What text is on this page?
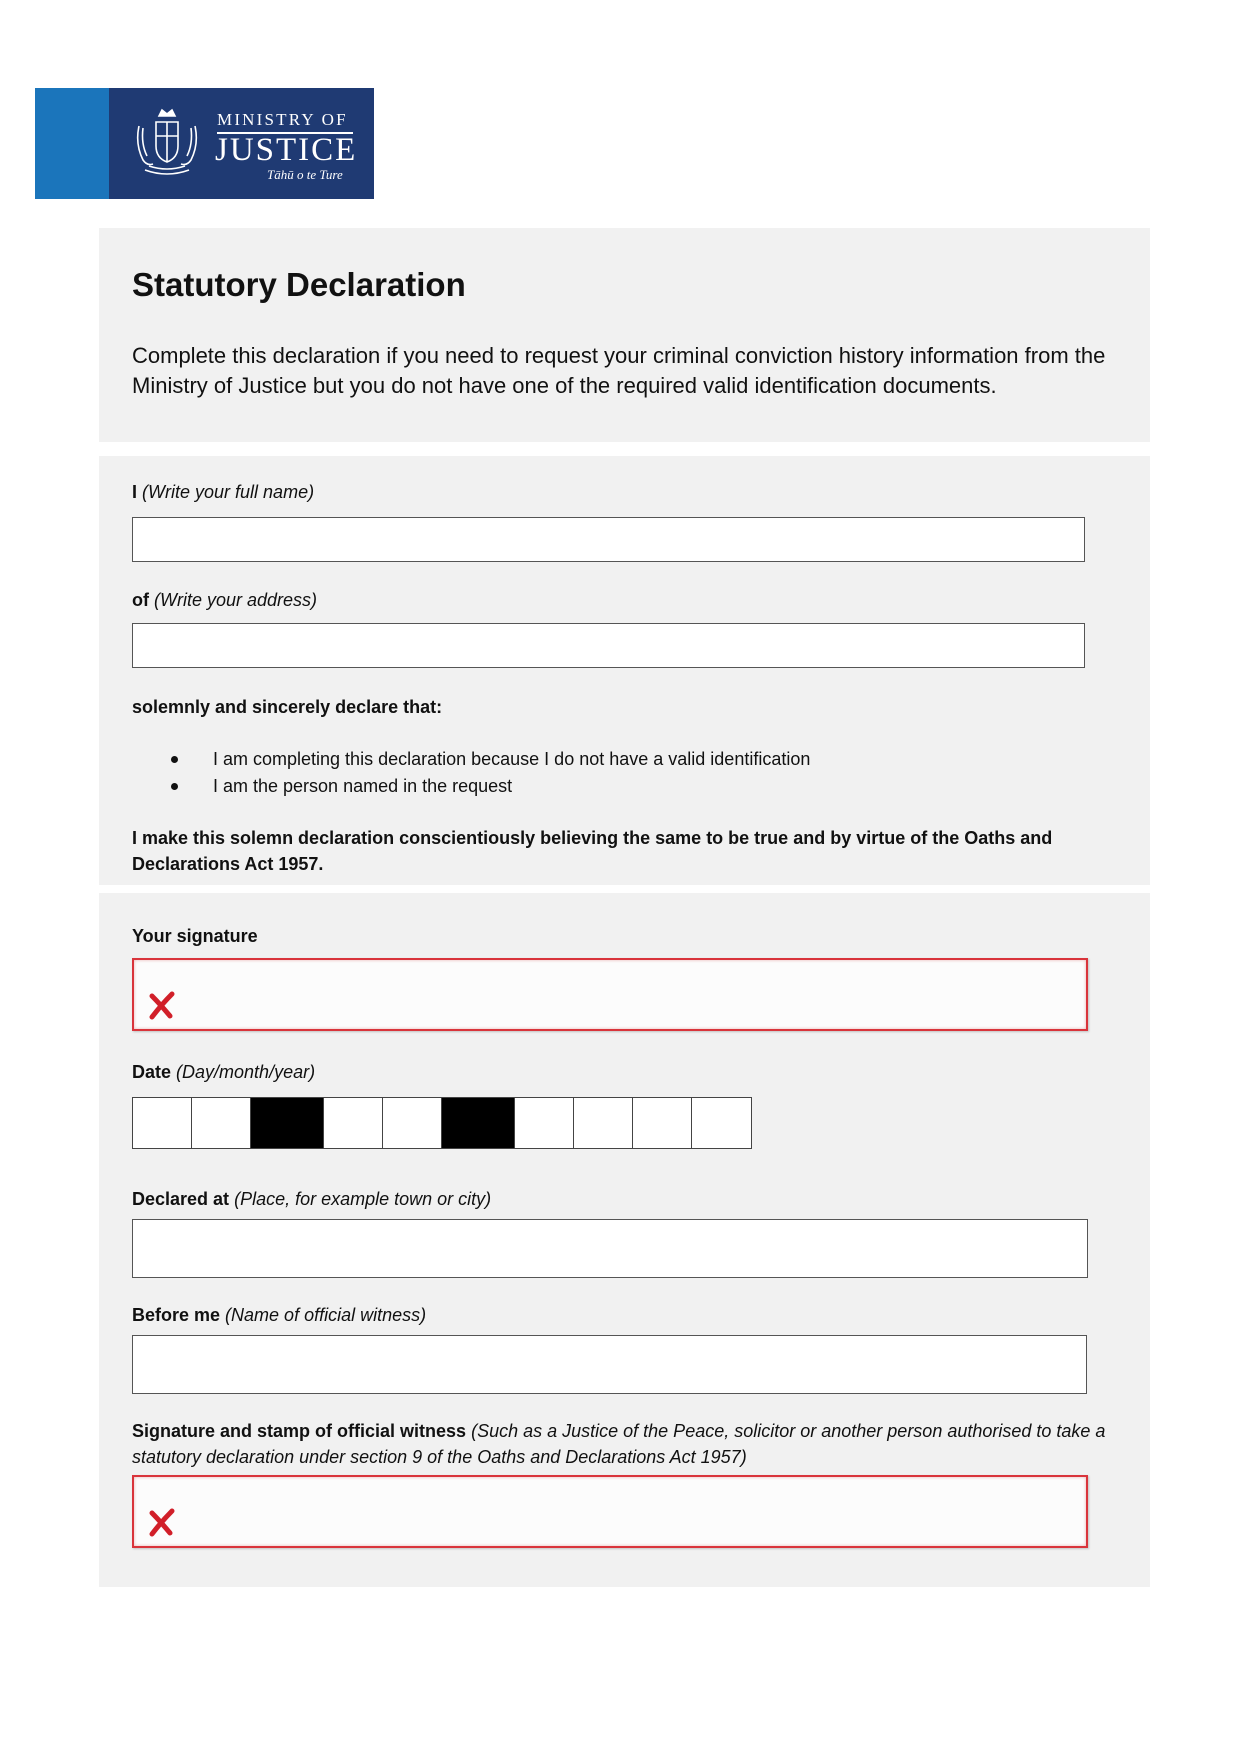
MINISTRY OF
JUSTICE
Tāhū o te Ture
Statutory Declaration
Complete this declaration if you need to request your criminal conviction history information from the Ministry of Justice but you do not have one of the required valid identification documents.
I (Write your full name)
of (Write your address)
solemnly and sincerely declare that:
I am completing this declaration because I do not have a valid identification
I am the person named in the request
I make this solemn declaration conscientiously believing the same to be true and by virtue of the Oaths and Declarations Act 1957.
Your signature
Date (Day/month/year)
Declared at (Place, for example town or city)
Before me (Name of official witness)
Signature and stamp of official witness (Such as a Justice of the Peace, solicitor or another person authorised to take a statutory declaration under section 9 of the Oaths and Declarations Act 1957)
